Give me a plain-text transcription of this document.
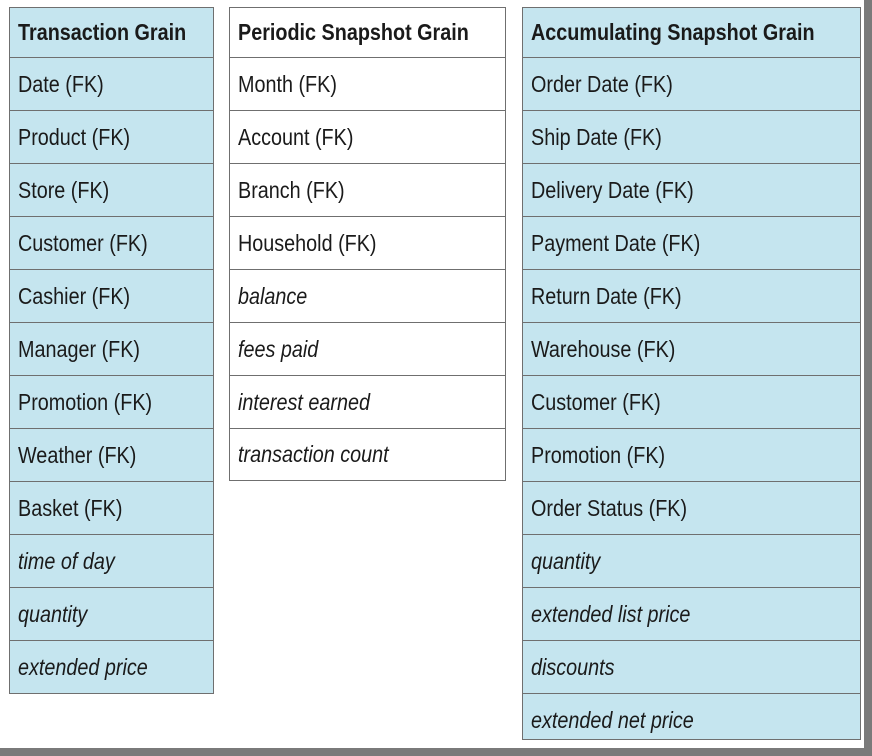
Transaction Grain
Date (FK)
Product (FK)
Store (FK)
Customer (FK)
Cashier (FK)
Manager (FK)
Promotion (FK)
Weather (FK)
Basket (FK)
time of day
quantity
extended price
Periodic Snapshot Grain
Month (FK)
Account (FK)
Branch (FK)
Household (FK)
balance
fees paid
interest earned
transaction count
Accumulating Snapshot Grain
Order Date (FK)
Ship Date (FK)
Delivery Date (FK)
Payment Date (FK)
Return Date (FK)
Warehouse (FK)
Customer (FK)
Promotion (FK)
Order Status (FK)
quantity
extended list price
discounts
extended net price
